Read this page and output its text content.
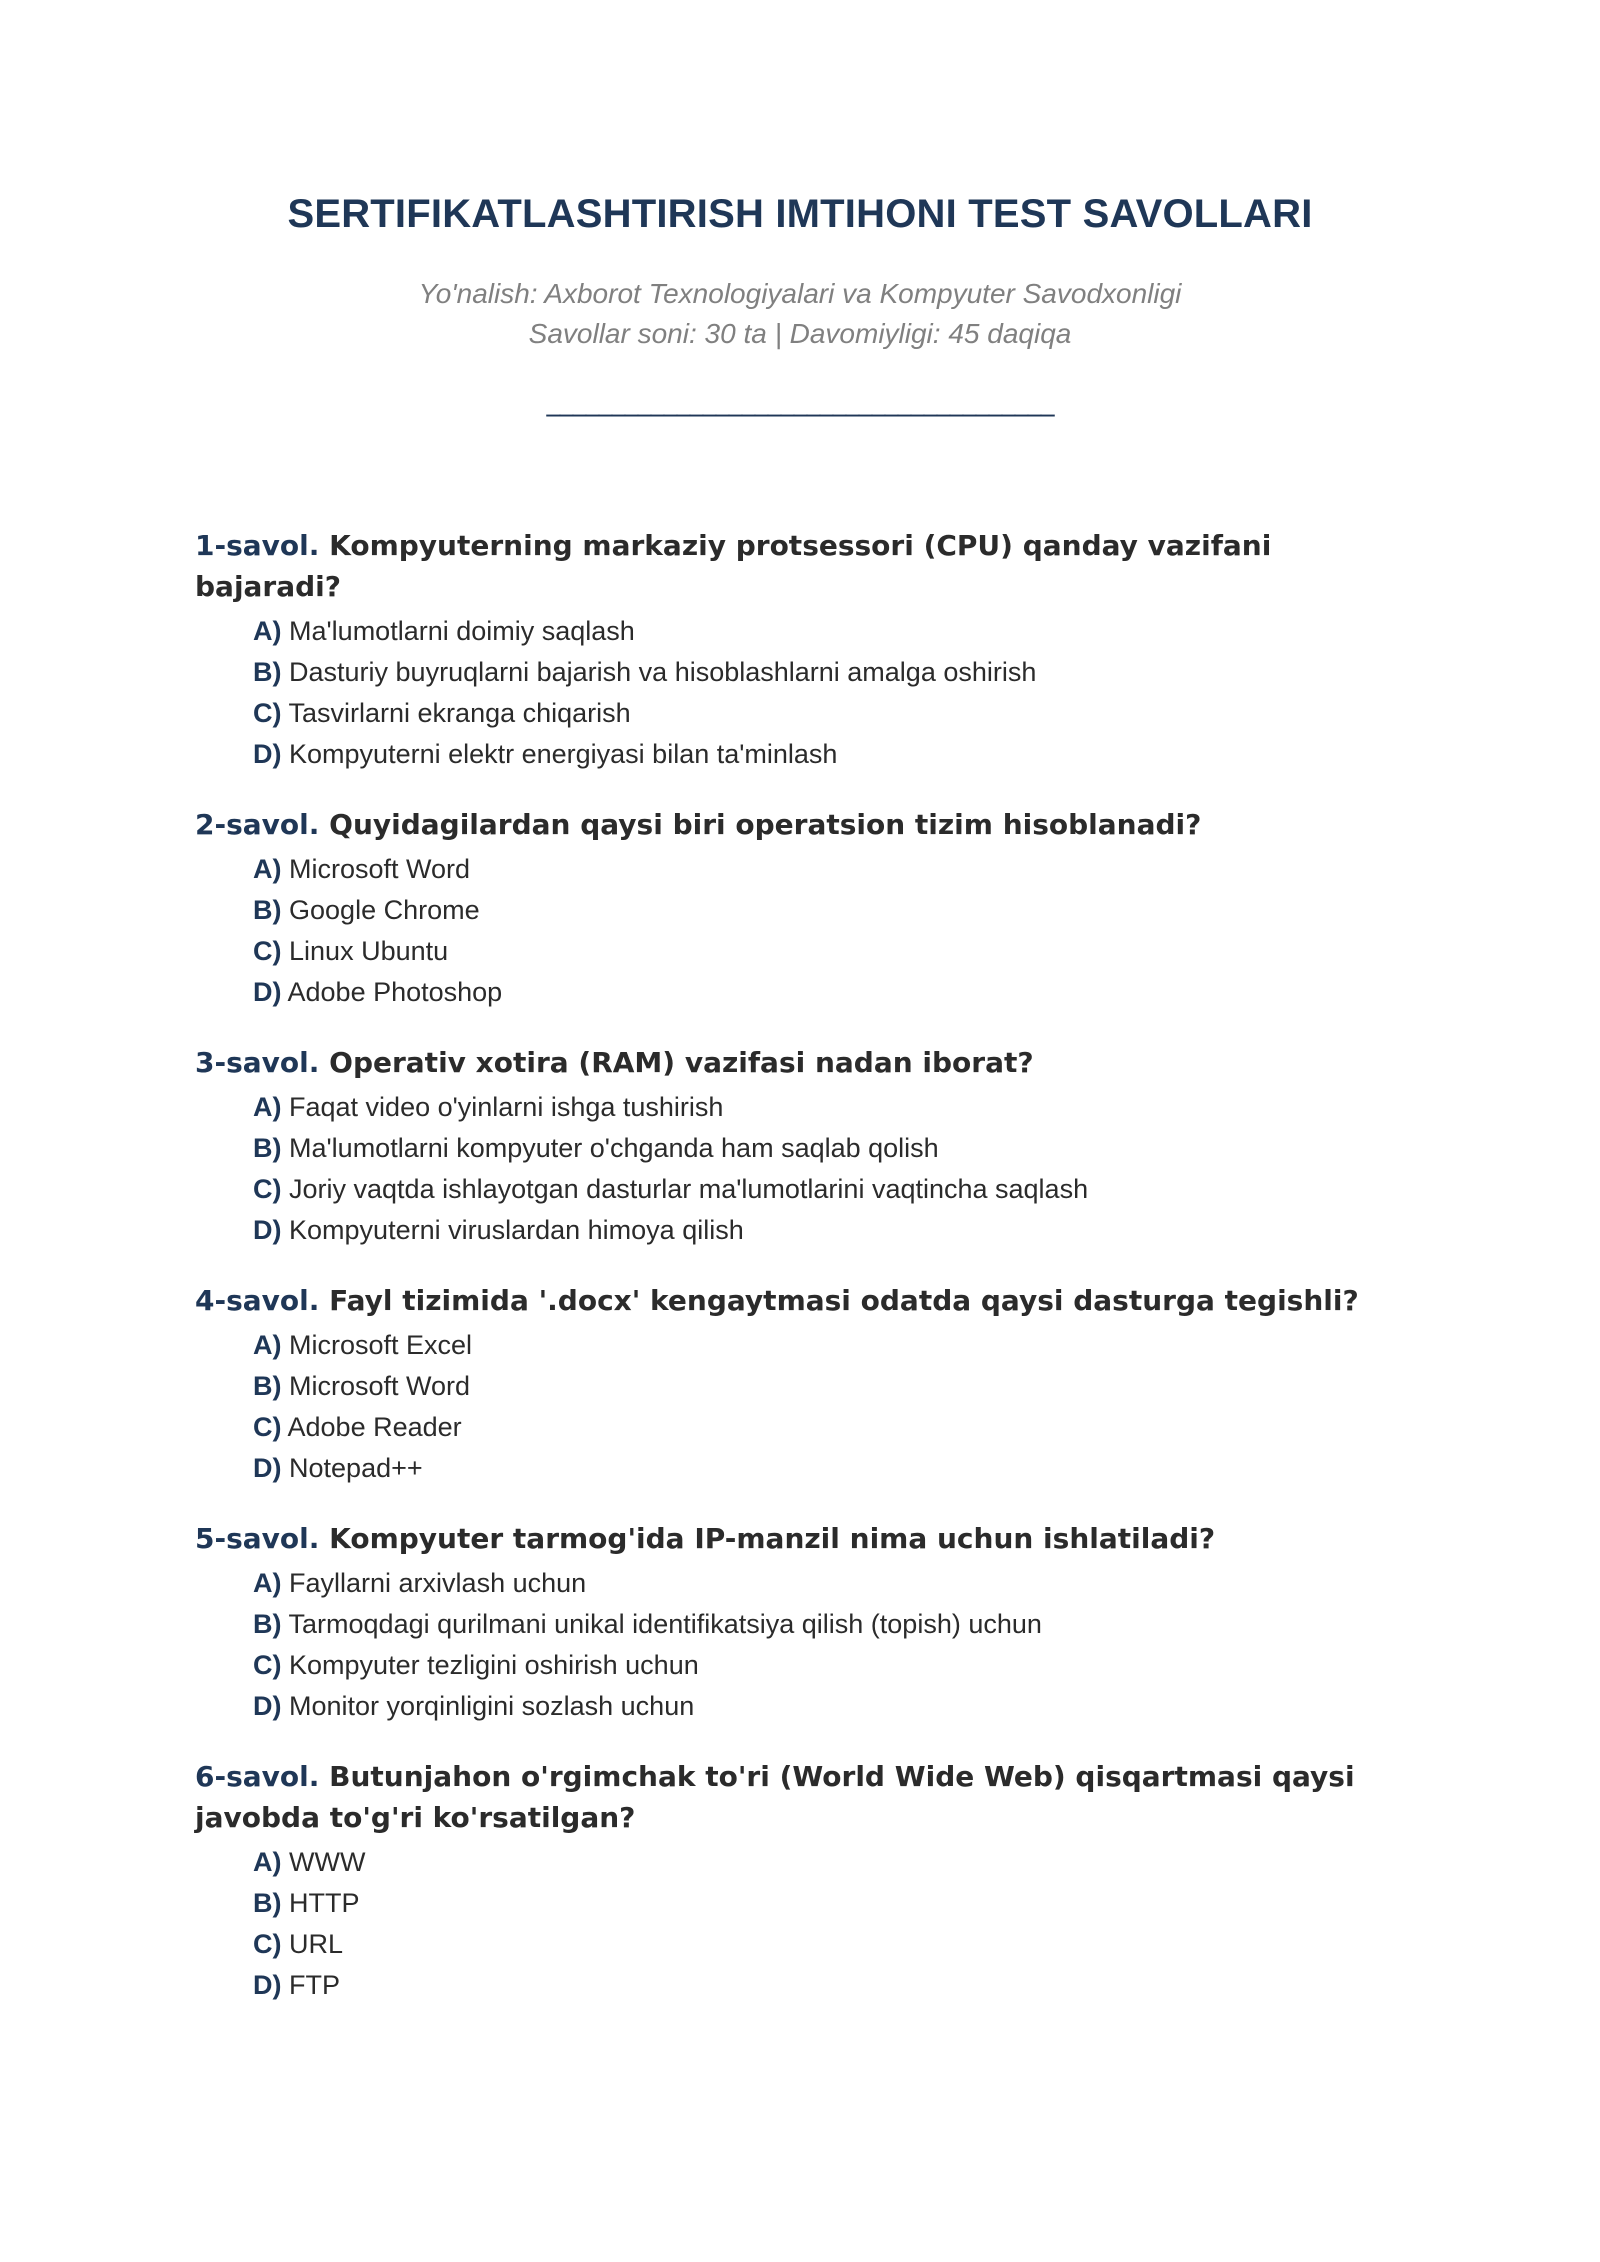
SERTIFIKATLASHTIRISH IMTIHONI TEST SAVOLLARI
Yo'nalish: Axborot Texnologiyalari va Kompyuter Savodxonligi
Savollar soni: 30 ta | Davomiyligi: 45 daqiqa
_______________________________________
1-savol. Kompyuterning markaziy protsessori (CPU) qanday vazifani bajaradi?
A) Ma'lumotlarni doimiy saqlash
B) Dasturiy buyruqlarni bajarish va hisoblashlarni amalga oshirish
C) Tasvirlarni ekranga chiqarish
D) Kompyuterni elektr energiyasi bilan ta'minlash
2-savol. Quyidagilardan qaysi biri operatsion tizim hisoblanadi?
A) Microsoft Word
B) Google Chrome
C) Linux Ubuntu
D) Adobe Photoshop
3-savol. Operativ xotira (RAM) vazifasi nadan iborat?
A) Faqat video o'yinlarni ishga tushirish
B) Ma'lumotlarni kompyuter o'chganda ham saqlab qolish
C) Joriy vaqtda ishlayotgan dasturlar ma'lumotlarini vaqtincha saqlash
D) Kompyuterni viruslardan himoya qilish
4-savol. Fayl tizimida '.docx' kengaytmasi odatda qaysi dasturga tegishli?
A) Microsoft Excel
B) Microsoft Word
C) Adobe Reader
D) Notepad++
5-savol. Kompyuter tarmog'ida IP-manzil nima uchun ishlatiladi?
A) Fayllarni arxivlash uchun
B) Tarmoqdagi qurilmani unikal identifikatsiya qilish (topish) uchun
C) Kompyuter tezligini oshirish uchun
D) Monitor yorqinligini sozlash uchun
6-savol. Butunjahon o'rgimchak to'ri (World Wide Web) qisqartmasi qaysi javobda to'g'ri ko'rsatilgan?
A) WWW
B) HTTP
C) URL
D) FTP
